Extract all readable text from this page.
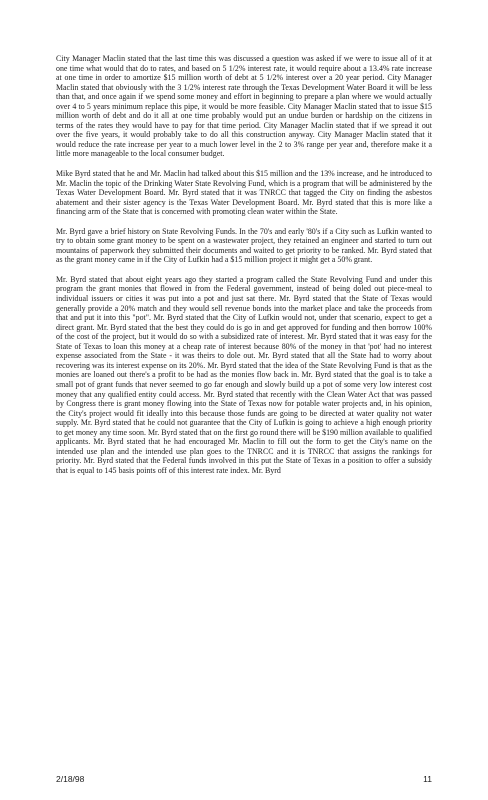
City Manager Maclin stated that the last time this was discussed a question was asked if we were to issue all of it at one time what would that do to rates, and based on 5 1/2% interest rate, it would require about a 13.4% rate increase at one time in order to amortize $15 million worth of debt at 5 1/2% interest over a 20 year period. City Manager Maclin stated that obviously with the 3 1/2% interest rate through the Texas Development Water Board it will be less than that, and once again if we spend some money and effort in beginning to prepare a plan where we would actually over 4 to 5 years minimum replace this pipe, it would be more feasible. City Manager Maclin stated that to issue $15 million worth of debt and do it all at one time probably would put an undue burden or hardship on the citizens in terms of the rates they would have to pay for that time period. City Manager Maclin stated that if we spread it out over the five years, it would probably take to do all this construction anyway. City Manager Maclin stated that it would reduce the rate increase per year to a much lower level in the 2 to 3% range per year and, therefore make it a little more manageable to the local consumer budget.

Mike Byrd stated that he and Mr. Maclin had talked about this $15 million and the 13% increase, and he introduced to Mr. Maclin the topic of the Drinking Water State Revolving Fund, which is a program that will be administered by the Texas Water Development Board. Mr. Byrd stated that it was TNRCC that tagged the City on finding the asbestos abatement and their sister agency is the Texas Water Development Board. Mr. Byrd stated that this is more like a financing arm of the State that is concerned with promoting clean water within the State.

Mr. Byrd gave a brief history on State Revolving Funds. In the 70's and early '80's if a City such as Lufkin wanted to try to obtain some grant money to be spent on a wastewater project, they retained an engineer and started to turn out mountains of paperwork they submitted their documents and waited to get priority to be ranked. Mr. Byrd stated that as the grant money came in if the City of Lufkin had a $15 million project it might get a 50% grant.

Mr. Byrd stated that about eight years ago they started a program called the State Revolving Fund and under this program the grant monies that flowed in from the Federal government, instead of being doled out piece-meal to individual issuers or cities it was put into a pot and just sat there. Mr. Byrd stated that the State of Texas would generally provide a 20% match and they would sell revenue bonds into the market place and take the proceeds from that and put it into this "pot". Mr. Byrd stated that the City of Lufkin would not, under that scenario, expect to get a direct grant. Mr. Byrd stated that the best they could do is go in and get approved for funding and then borrow 100% of the cost of the project, but it would do so with a subsidized rate of interest. Mr. Byrd stated that it was easy for the State of Texas to loan this money at a cheap rate of interest because 80% of the money in that 'pot' had no interest expense associated from the State - it was theirs to dole out. Mr. Byrd stated that all the State had to worry about recovering was its interest expense on its 20%. Mr. Byrd stated that the idea of the State Revolving Fund is that as the monies are loaned out there's a profit to be had as the monies flow back in. Mr. Byrd stated that the goal is to take a small pot of grant funds that never seemed to go far enough and slowly build up a pot of some very low interest cost money that any qualified entity could access. Mr. Byrd stated that recently with the Clean Water Act that was passed by Congress there is grant money flowing into the State of Texas now for potable water projects and, in his opinion, the City's project would fit ideally into this because those funds are going to be directed at water quality not water supply. Mr. Byrd stated that he could not guarantee that the City of Lufkin is going to achieve a high enough priority to get money any time soon. Mr. Byrd stated that on the first go round there will be $190 million available to qualified applicants. Mr. Byrd stated that he had encouraged Mr. Maclin to fill out the form to get the City's name on the intended use plan and the intended use plan goes to the TNRCC and it is TNRCC that assigns the rankings for priority. Mr. Byrd stated that the Federal funds involved in this put the State of Texas in a position to offer a subsidy that is equal to 145 basis points off of this interest rate index. Mr. Byrd

2/18/98	11
